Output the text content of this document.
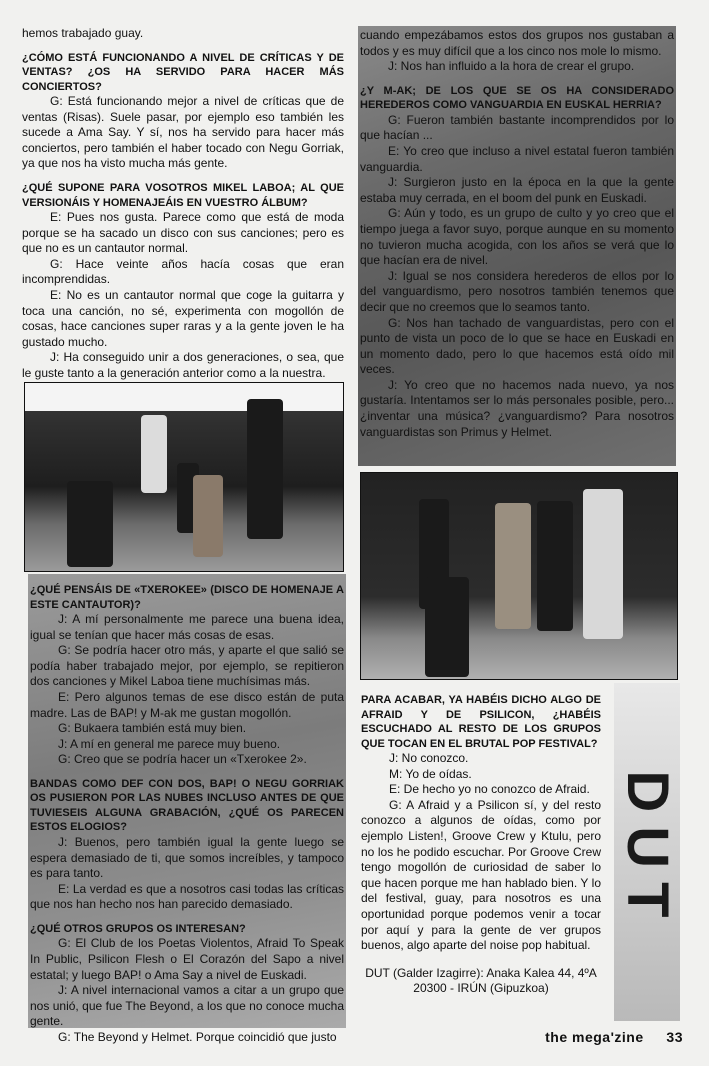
hemos trabajado guay.

¿CÓMO ESTÁ FUNCIONANDO A NIVEL DE CRÍTICAS Y DE VENTAS? ¿OS HA SERVIDO PARA HACER MÁS CONCIERTOS?

G: Está funcionando mejor a nivel de críticas que de ventas (Risas). Suele pasar, por ejemplo eso también les sucede a Ama Say. Y sí, nos ha servido para hacer más conciertos, pero también el haber tocado con Negu Gorriak, ya que nos ha visto mucha más gente.

¿QUÉ SUPONE PARA VOSOTROS MIKEL LABOA; AL QUE VERSIONÁIS Y HOMENAJEÁIS EN VUESTRO ÁLBUM?

E: Pues nos gusta. Parece como que está de moda porque se ha sacado un disco con sus canciones; pero es que no es un cantautor normal.

G: Hace veinte años hacía cosas que eran incomprendidas.

E: No es un cantautor normal que coge la guitarra y toca una canción, no sé, experimenta con mogollón de cosas, hace canciones super raras y a la gente joven le ha gustado mucho.

J: Ha conseguido unir a dos generaciones, o sea, que le guste tanto a la generación anterior como a la nuestra.

cuando empezábamos estos dos grupos nos gustaban a todos y es muy difícil que a los cinco nos mole lo mismo.

J: Nos han influido a la hora de crear el grupo.

¿Y M-AK; DE LOS QUE SE OS HA CONSIDERADO HEREDEROS COMO VANGUARDIA EN EUSKAL HERRIA?

G: Fueron también bastante incomprendidos por lo que hacían ...

E: Yo creo que incluso a nivel estatal fueron también vanguardia.

J: Surgieron justo en la época en la que la gente estaba muy cerrada, en el boom del punk en Euskadi.

G: Aún y todo, es un grupo de culto y yo creo que el tiempo juega a favor suyo, porque aunque en su momento no tuvieron mucha acogida, con los años se verá que lo que hacían era de nivel.

J: Igual se nos considera herederos de ellos por lo del vanguardismo, pero nosotros también tenemos que decir que no creemos que lo seamos tanto.

G: Nos han tachado de vanguardistas, pero con el punto de vista un poco de lo que se hace en Euskadi en un momento dado, pero lo que hacemos está oído mil veces.

J: Yo creo que no hacemos nada nuevo, ya nos gustaría. Intentamos ser lo más personales posible, pero... ¿inventar una música? ¿vanguardismo? Para nosotros vanguardistas son Primus y Helmet.

¿QUÉ PENSÁIS DE «TXEROKEE» (DISCO DE HOMENAJE A ESTE CANTAUTOR)?

J: A mí personalmente me parece una buena idea, igual se tenían que hacer más cosas de esas.

G: Se podría hacer otro más, y aparte el que salió se podía haber trabajado mejor, por ejemplo, se repitieron dos canciones y Mikel Laboa tiene muchísimas más.

E: Pero algunos temas de ese disco están de puta madre. Las de BAP! y M-ak me gustan mogollón.

G: Bukaera también está muy bien.

J: A mí en general me parece muy bueno.

G: Creo que se podría hacer un «Txerokee 2».

BANDAS COMO DEF CON DOS, BAP! O NEGU GORRIAK OS PUSIERON POR LAS NUBES INCLUSO ANTES DE QUE TUVIESEIS ALGUNA GRABACIÓN, ¿QUÉ OS PARECEN ESTOS ELOGIOS?

J: Buenos, pero también igual la gente luego se espera demasiado de ti, que somos increíbles, y tampoco es para tanto.

E: La verdad es que a nosotros casi todas las críticas que nos han hecho nos han parecido demasiado.

¿QUÉ OTROS GRUPOS OS INTERESAN?

G: El Club de los Poetas Violentos, Afraid To Speak In Public, Psilicon Flesh o El Corazón del Sapo a nivel estatal; y luego BAP! o Ama Say a nivel de Euskadi.

J: A nivel internacional vamos a citar a un grupo que nos unió, que fue The Beyond, a los que no conoce mucha gente.

G: The Beyond y Helmet. Porque coincidió que justo

PARA ACABAR, YA HABÉIS DICHO ALGO DE AFRAID Y DE PSILICON, ¿HABÉIS ESCUCHADO AL RESTO DE LOS GRUPOS QUE TOCAN EN EL BRUTAL POP FESTIVAL?

J: No conozco.

M: Yo de oídas.

E: De hecho yo no conozco de Afraid.

G: A Afraid y a Psilicon sí, y del resto conozco a algunos de oídas, como por ejemplo Listen!, Groove Crew y Ktulu, pero no los he podido escuchar. Por Groove Crew tengo mogollón de curiosidad de saber lo que hacen porque me han hablado bien. Y lo del festival, guay, para nosotros es una oportunidad porque podemos venir a tocar por aquí y para la gente de ver grupos buenos, algo aparte del noise pop habitual.

DUT (Galder Izagirre): Anaka Kalea 44, 4ºA
20300 - IRÚN (Gipuzkoa)
DUT
the mega'zine 33
